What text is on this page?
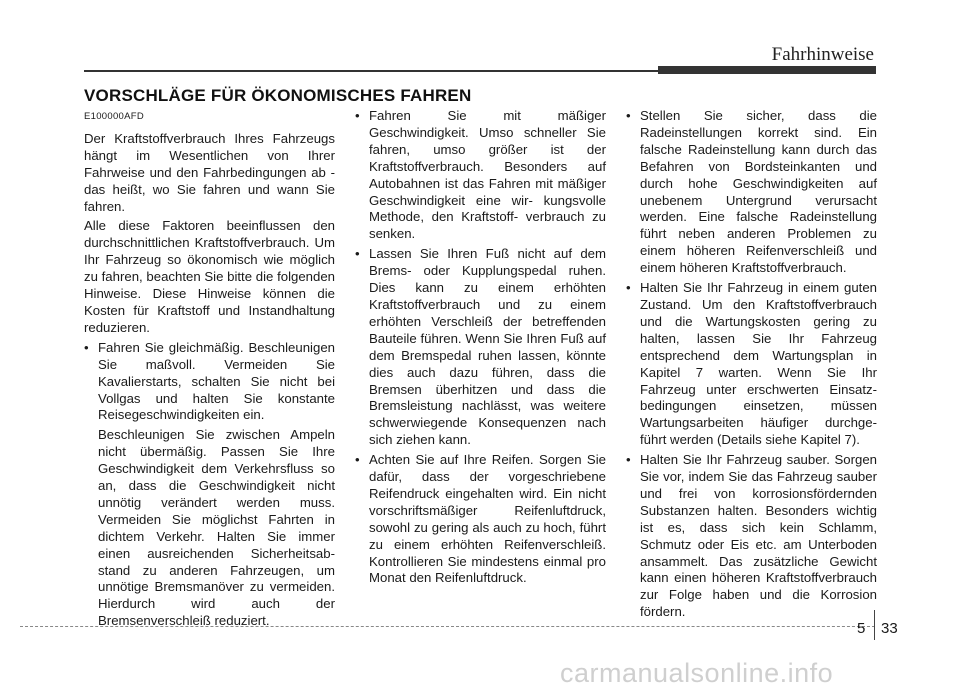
Fahrhinweise
VORSCHLÄGE FÜR ÖKONOMISCHES FAHREN
E100000AFD

Der Kraftstoffverbrauch Ihres Fahrzeugs hängt im Wesentlichen von Ihrer Fahrweise und den Fahrbedingungen ab - das heißt, wo Sie fahren und wann Sie fahren.

Alle diese Faktoren beeinflussen den durchschnittlichen Kraftstoffverbrauch. Um Ihr Fahrzeug so ökonomisch wie möglich zu fahren, beachten Sie bitte die folgenden Hinweise. Diese Hinweise können die Kosten für Kraftstoff und Instandhaltung reduzieren.

• Fahren Sie gleichmäßig. Beschleunigen Sie maßvoll. Vermeiden Sie Kavalierstarts, schalten Sie nicht bei Vollgas und halten Sie konstante Reisegeschwindigkeiten ein.
Beschleunigen Sie zwischen Ampeln nicht übermäßig. Passen Sie Ihre Geschwindigkeit dem Verkehrsfluss so an, dass die Geschwindigkeit nicht unnötig verändert werden muss. Vermeiden Sie möglichst Fahrten in dichtem Verkehr. Halten Sie immer einen ausreichenden Sicherheitsab- stand zu anderen Fahrzeugen, um unnötige Bremsmanöver zu vermeiden. Hierdurch wird auch der Bremsenverschleiß reduziert.
• Fahren Sie mit mäßiger Geschwindigkeit. Umso schneller Sie fahren, umso größer ist der Kraftstoffverbrauch. Besonders auf Autobahnen ist das Fahren mit mäßiger Geschwindigkeit eine wir- kungsvolle Methode, den Kraftstoff- verbrauch zu senken.
• Lassen Sie Ihren Fuß nicht auf dem Brems- oder Kupplungspedal ruhen. Dies kann zu einem erhöhten Kraftstoffverbrauch und zu einem erhöhten Verschleiß der betreffenden Bauteile führen. Wenn Sie Ihren Fuß auf dem Bremspedal ruhen lassen, könnte dies auch dazu führen, dass die Bremsen überhitzen und dass die Bremsleistung nachlässt, was weitere schwerwiegende Konsequenzen nach sich ziehen kann.
• Achten Sie auf Ihre Reifen. Sorgen Sie dafür, dass der vorgeschriebene Reifendruck eingehalten wird. Ein nicht vorschriftsmäßiger Reifenluftdruck, sowohl zu gering als auch zu hoch, führt zu einem erhöhten Reifenverschleiß. Kontrollieren Sie mindestens einmal pro Monat den Reifenluftdruck.
• Stellen Sie sicher, dass die Radeinstellungen korrekt sind. Ein falsche Radeinstellung kann durch das Befahren von Bordsteinkanten und durch hohe Geschwindigkeiten auf unebenem Untergrund verursacht werden. Eine falsche Radeinstellung führt neben anderen Problemen zu einem höheren Reifenverschleiß und einem höheren Kraftstoffverbrauch.
• Halten Sie Ihr Fahrzeug in einem guten Zustand. Um den Kraftstoffverbrauch und die Wartungskosten gering zu halten, lassen Sie Ihr Fahrzeug entsprechend dem Wartungsplan in Kapitel 7 warten. Wenn Sie Ihr Fahrzeug unter erschwerten Einsatz- bedingungen einsetzen, müssen Wartungsarbeiten häufiger durchge- führt werden (Details siehe Kapitel 7).
• Halten Sie Ihr Fahrzeug sauber. Sorgen Sie vor, indem Sie das Fahrzeug sauber und frei von korrosionsfördernden Substanzen halten. Besonders wichtig ist es, dass sich kein Schlamm, Schmutz oder Eis etc. am Unterboden ansammelt. Das zusätzliche Gewicht kann einen höheren Kraftstoffverbrauch zur Folge haben und die Korrosion fördern.
5 33
carmanualsonline.info
